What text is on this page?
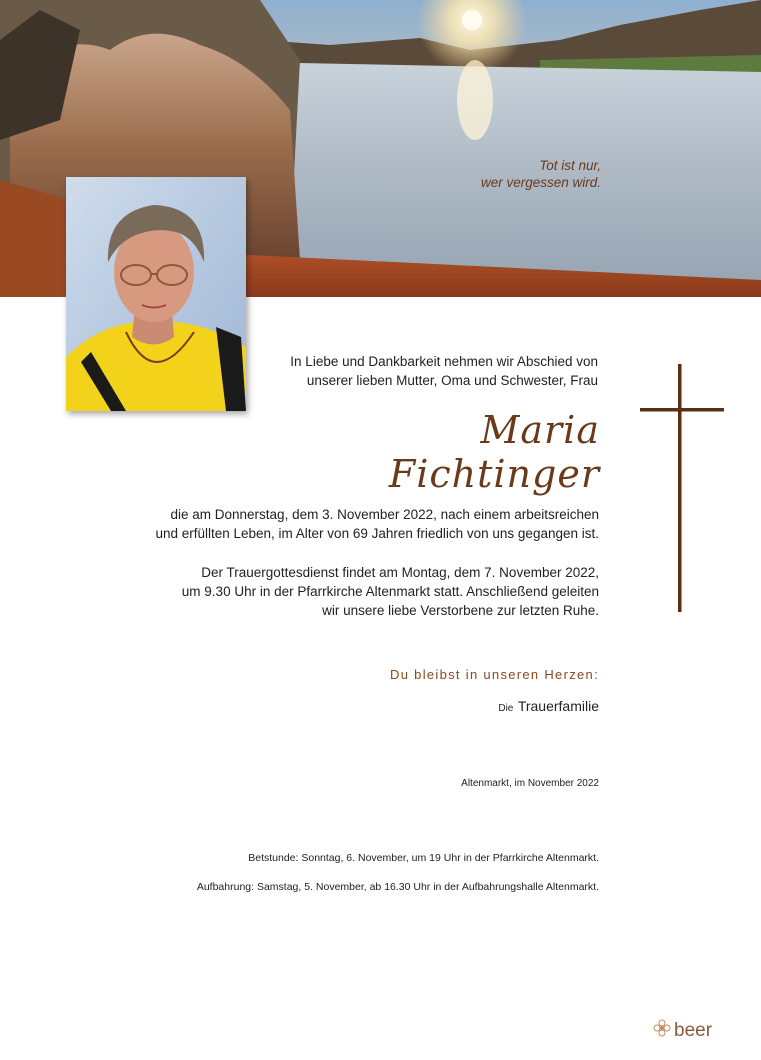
Tot ist nur,
wer vergessen wird.
In Liebe und Dankbarkeit nehmen wir Abschied von
unserer lieben Mutter, Oma und Schwester, Frau
Maria Fichtinger
die am Donnerstag, dem 3. November 2022, nach einem arbeitsreichen
und erfüllten Leben, im Alter von 69 Jahren friedlich von uns gegangen ist.
Der Trauergottesdienst findet am Montag, dem 7. November 2022,
um 9.30 Uhr in der Pfarrkirche Altenmarkt statt. Anschließend geleiten
wir unsere liebe Verstorbene zur letzten Ruhe.
Du bleibst in unseren Herzen:
Die Trauerfamilie
Altenmarkt, im November 2022
Betstunde: Sonntag, 6. November, um 19 Uhr in der Pfarrkirche Altenmarkt.
Aufbahrung: Samstag, 5. November, ab 16.30 Uhr in der Aufbahrungshalle Altenmarkt.
beer
